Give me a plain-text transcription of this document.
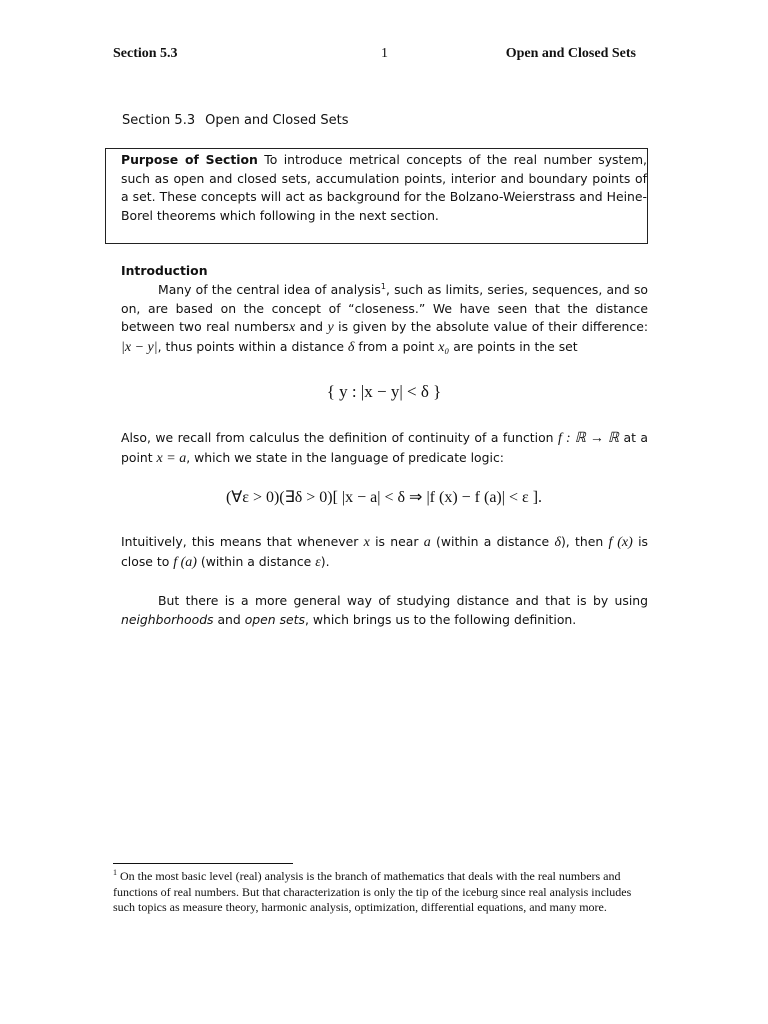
Section 5.3	1	Open and Closed Sets
Section 5.3 Open and Closed Sets
Purpose of Section To introduce metrical concepts of the real number system, such as open and closed sets, accumulation points, interior and boundary points of a set. These concepts will act as background for the Bolzano-Weierstrass and Heine-Borel theorems which following in the next section.
Introduction
Many of the central idea of analysis$^1$, such as limits, series, sequences, and so on, are based on the concept of “closeness.” We have seen that the distance between two real numbersx and y is given by the absolute value of their difference: |x − y|, thus points within a distance δ from a point x₀ are points in the set
{ y : |x − y| < δ }
Also, we recall from calculus the definition of continuity of a function f : ℝ → ℝ at a point x = a, which we state in the language of predicate logic:
(∀ε > 0)(∃δ > 0)[ |x − a| < δ ⇒ |f (x) − f (a)| < ε ].
Intuitively, this means that whenever x is near a (within a distance δ), then f (x) is close to f (a) (within a distance ε).
But there is a more general way of studying distance and that is by using neighborhoods and open sets, which brings us to the following definition.
$^1$ On the most basic level (real) analysis is the branch of mathematics that deals with the real numbers and functions of real numbers. But that characterization is only the tip of the iceburg since real analysis includes such topics as measure theory, harmonic analysis, optimization, differential equations, and many more.
